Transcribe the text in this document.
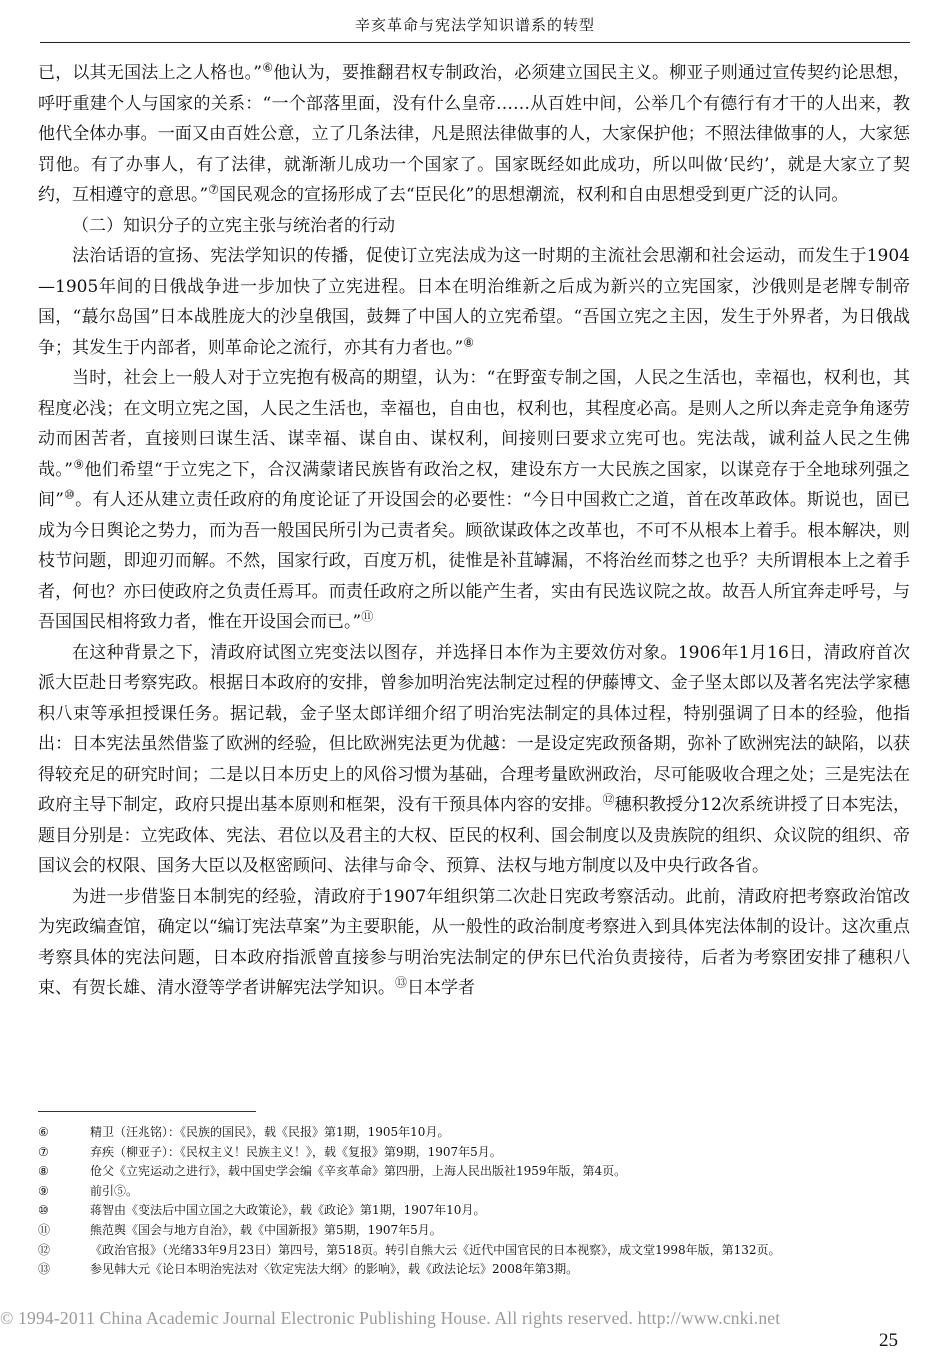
辛亥革命与宪法学知识谱系的转型

已，以其无国法上之人格也。”⑥他认为，要推翻君权专制政治，必须建立国民主义。柳亚子则通过宣传契约论思想，呼吁重建个人与国家的关系：“一个部落里面，没有什么皇帝……从百姓中间，公举几个有德行有才干的人出来，教他代全体办事。一面又由百姓公意，立了几条法律，凡是照法律做事的人，大家保护他；不照法律做事的人，大家惩罚他。有了办事人，有了法律，就渐渐儿成功一个国家了。国家既经如此成功，所以叫做‘民约’，就是大家立了契约，互相遵守的意思。”⑦国民观念的宣扬形成了去“臣民化”的思想潮流，权利和自由思想受到更广泛的认同。

（二）知识分子的立宪主张与统治者的行动

法治话语的宣扬、宪法学知识的传播，促使订立宪法成为这一时期的主流社会思潮和社会运动，而发生于1904—1905年间的日俄战争进一步加快了立宪进程。日本在明治维新之后成为新兴的立宪国家，沙俄则是老牌专制帝国，“蕞尔岛国”日本战胜庞大的沙皇俄国，鼓舞了中国人的立宪希望。“吾国立宪之主因，发生于外界者，为日俄战争；其发生于内部者，则革命论之流行，亦其有力者也。”⑧

当时，社会上一般人对于立宪抱有极高的期望，认为：“在野蛮专制之国，人民之生活也，幸福也，权利也，其程度必浅；在文明立宪之国，人民之生活也，幸福也，自由也，权利也，其程度必高。是则人之所以奔走竞争角逐劳动而困苦者，直接则曰谋生活、谋幸福、谋自由、谋权利，间接则曰要求立宪可也。宪法哉，诚利益人民之生佛哉。”⑨他们希望“于立宪之下，合汉满蒙诸民族皆有政治之权，建设东方一大民族之国家，以谋竞存于全地球列强之间”⑩。有人还从建立责任政府的角度论证了开设国会的必要性：“今日中国救亡之道，首在改革政体。斯说也，固已成为今日舆论之势力，而为吾一般国民所引为己责者矣。顾欲谋政体之改革也，不可不从根本上着手。根本解决，则枝节问题，即迎刃而解。不然，国家行政，百度万机，徒惟是补苴罅漏，不将治丝而棼之也乎？夫所谓根本上之着手者，何也？亦曰使政府之负责任焉耳。而责任政府之所以能产生者，实由有民选议院之故。故吾人所宜奔走呼号，与吾国国民相将致力者，惟在开设国会而已。”⑪

在这种背景之下，清政府试图立宪变法以图存，并选择日本作为主要效仿对象。1906年1月16日，清政府首次派大臣赴日考察宪政。根据日本政府的安排，曾参加明治宪法制定过程的伊藤博文、金子坚太郎以及著名宪法学家穗积八束等承担授课任务。据记载，金子坚太郎详细介绍了明治宪法制定的具体过程，特别强调了日本的经验，他指出：日本宪法虽然借鉴了欧洲的经验，但比欧洲宪法更为优越：一是设定宪政预备期，弥补了欧洲宪法的缺陷，以获得较充足的研究时间；二是以日本历史上的风俗习惯为基础，合理考量欧洲政治，尽可能吸收合理之处；三是宪法在政府主导下制定，政府只提出基本原则和框架，没有干预具体内容的安排。⑫穗积教授分12次系统讲授了日本宪法，题目分别是：立宪政体、宪法、君位以及君主的大权、臣民的权利、国会制度以及贵族院的组织、众议院的组织、帝国议会的权限、国务大臣以及枢密顾问、法律与命令、预算、法权与地方制度以及中央行政各省。

为进一步借鉴日本制宪的经验，清政府于1907年组织第二次赴日宪政考察活动。此前，清政府把考察政治馆改为宪政编查馆，确定以“编订宪法草案”为主要职能，从一般性的政治制度考察进入到具体宪法体制的设计。这次重点考察具体的宪法问题，日本政府指派曾直接参与明治宪法制定的伊东巳代治负责接待，后者为考察团安排了穗积八束、有贺长雄、清水澄等学者讲解宪法学知识。⑬日本学者

⑥	精卫（汪兆铭）：《民族的国民》，载《民报》第1期，1905年10月。
⑦	弃疾（柳亚子）：《民权主义！民族主义！》，载《复报》第9期，1907年5月。
⑧	伧父《立宪运动之进行》，载中国史学会编《辛亥革命》第四册，上海人民出版社1959年版，第4页。
⑨	前引⑤。
⑩	蒋智由《变法后中国立国之大政策论》，载《政论》第1期，1907年10月。
⑪	熊范舆《国会与地方自治》，载《中国新报》第5期，1907年5月。
⑫	《政治官报》（光绪33年9月23日）第四号，第518页。转引自熊大云《近代中国官民的日本视察》，成文堂1998年版，第132页。
⑬	参见韩大元《论日本明治宪法对〈钦定宪法大纲〉的影响》，载《政法论坛》2008年第3期。
© 1994-2011 China Academic Journal Electronic Publishing House. All rights reserved. http://www.cnki.net
25
